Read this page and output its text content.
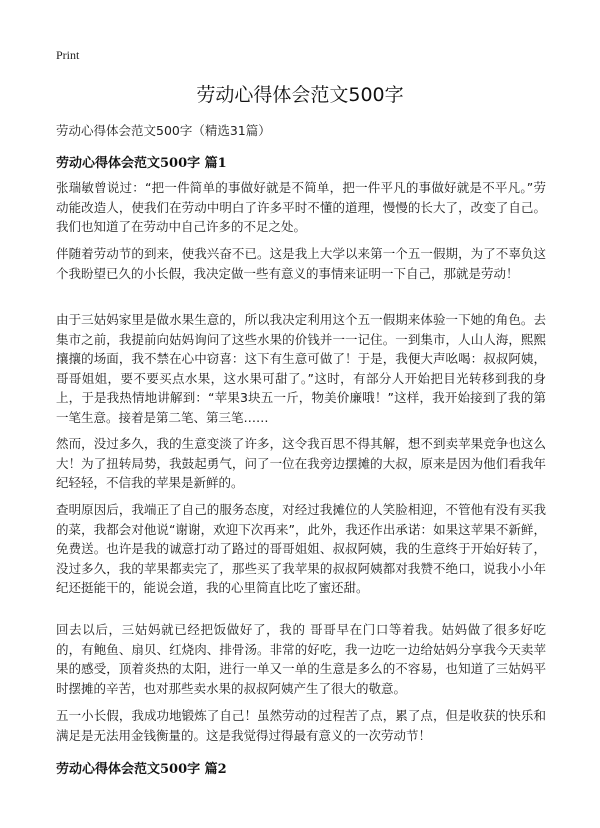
Print
劳动心得体会范文500字
劳动心得体会范文500字（精选31篇）
劳动心得体会范文500字 篇1

张瑞敏曾说过：“把一件简单的事做好就是不简单，把一件平凡的事做好就是不平凡。”劳动能改造人，使我们在劳动中明白了许多平时不懂的道理，慢慢的长大了，改变了自己。我们也知道了在劳动中自己许多的不足之处。

伴随着劳动节的到来，使我兴奋不已。这是我上大学以来第一个五一假期，为了不辜负这个我盼望已久的小长假，我决定做一些有意义的事情来证明一下自己，那就是劳动！

由于三姑妈家里是做水果生意的，所以我决定利用这个五一假期来体验一下她的角色。去集市之前，我提前向姑妈询问了这些水果的价钱并一一记住。一到集市，人山人海，熙熙攘攘的场面，我不禁在心中窃喜：这下有生意可做了！于是，我便大声吆喝：叔叔阿姨，哥哥姐姐，要不要买点水果，这水果可甜了。”这时，有部分人开始把目光转移到我的身上，于是我热情地讲解到：“苹果3块五一斤，物美价廉哦！”这样，我开始接到了我的第一笔生意。接着是第二笔、第三笔……

然而，没过多久，我的生意变淡了许多，这令我百思不得其解，想不到卖苹果竞争也这么大！为了扭转局势，我鼓起勇气，问了一位在我旁边摆摊的大叔，原来是因为他们看我年纪轻轻，不信我的苹果是新鲜的。

查明原因后，我端正了自己的服务态度，对经过我摊位的人笑脸相迎，不管他有没有买我的菜，我都会对他说“谢谢，欢迎下次再来”，此外，我还作出承诺：如果这苹果不新鲜，免费送。也许是我的诚意打动了路过的哥哥姐姐、叔叔阿姨，我的生意终于开始好转了，没过多久，我的苹果都卖完了，那些买了我苹果的叔叔阿姨都对我赞不绝口，说我小小年纪还挺能干的，能说会道，我的心里简直比吃了蜜还甜。

回去以后，三姑妈就已经把饭做好了，我的 哥哥早在门口等着我。姑妈做了很多好吃的，有鲍鱼、扇贝、红烧肉、排骨汤。非常的好吃，我一边吃一边给姑妈分享我今天卖苹果的感受，顶着炎热的太阳，进行一单又一单的生意是多么的不容易，也知道了三姑妈平时摆摊的辛苦，也对那些卖水果的叔叔阿姨产生了很大的敬意。

五一小长假，我成功地锻炼了自己！虽然劳动的过程苦了点，累了点，但是收获的快乐和满足是无法用金钱衡量的。这是我觉得过得最有意义的一次劳动节！

劳动心得体会范文500字 篇2
